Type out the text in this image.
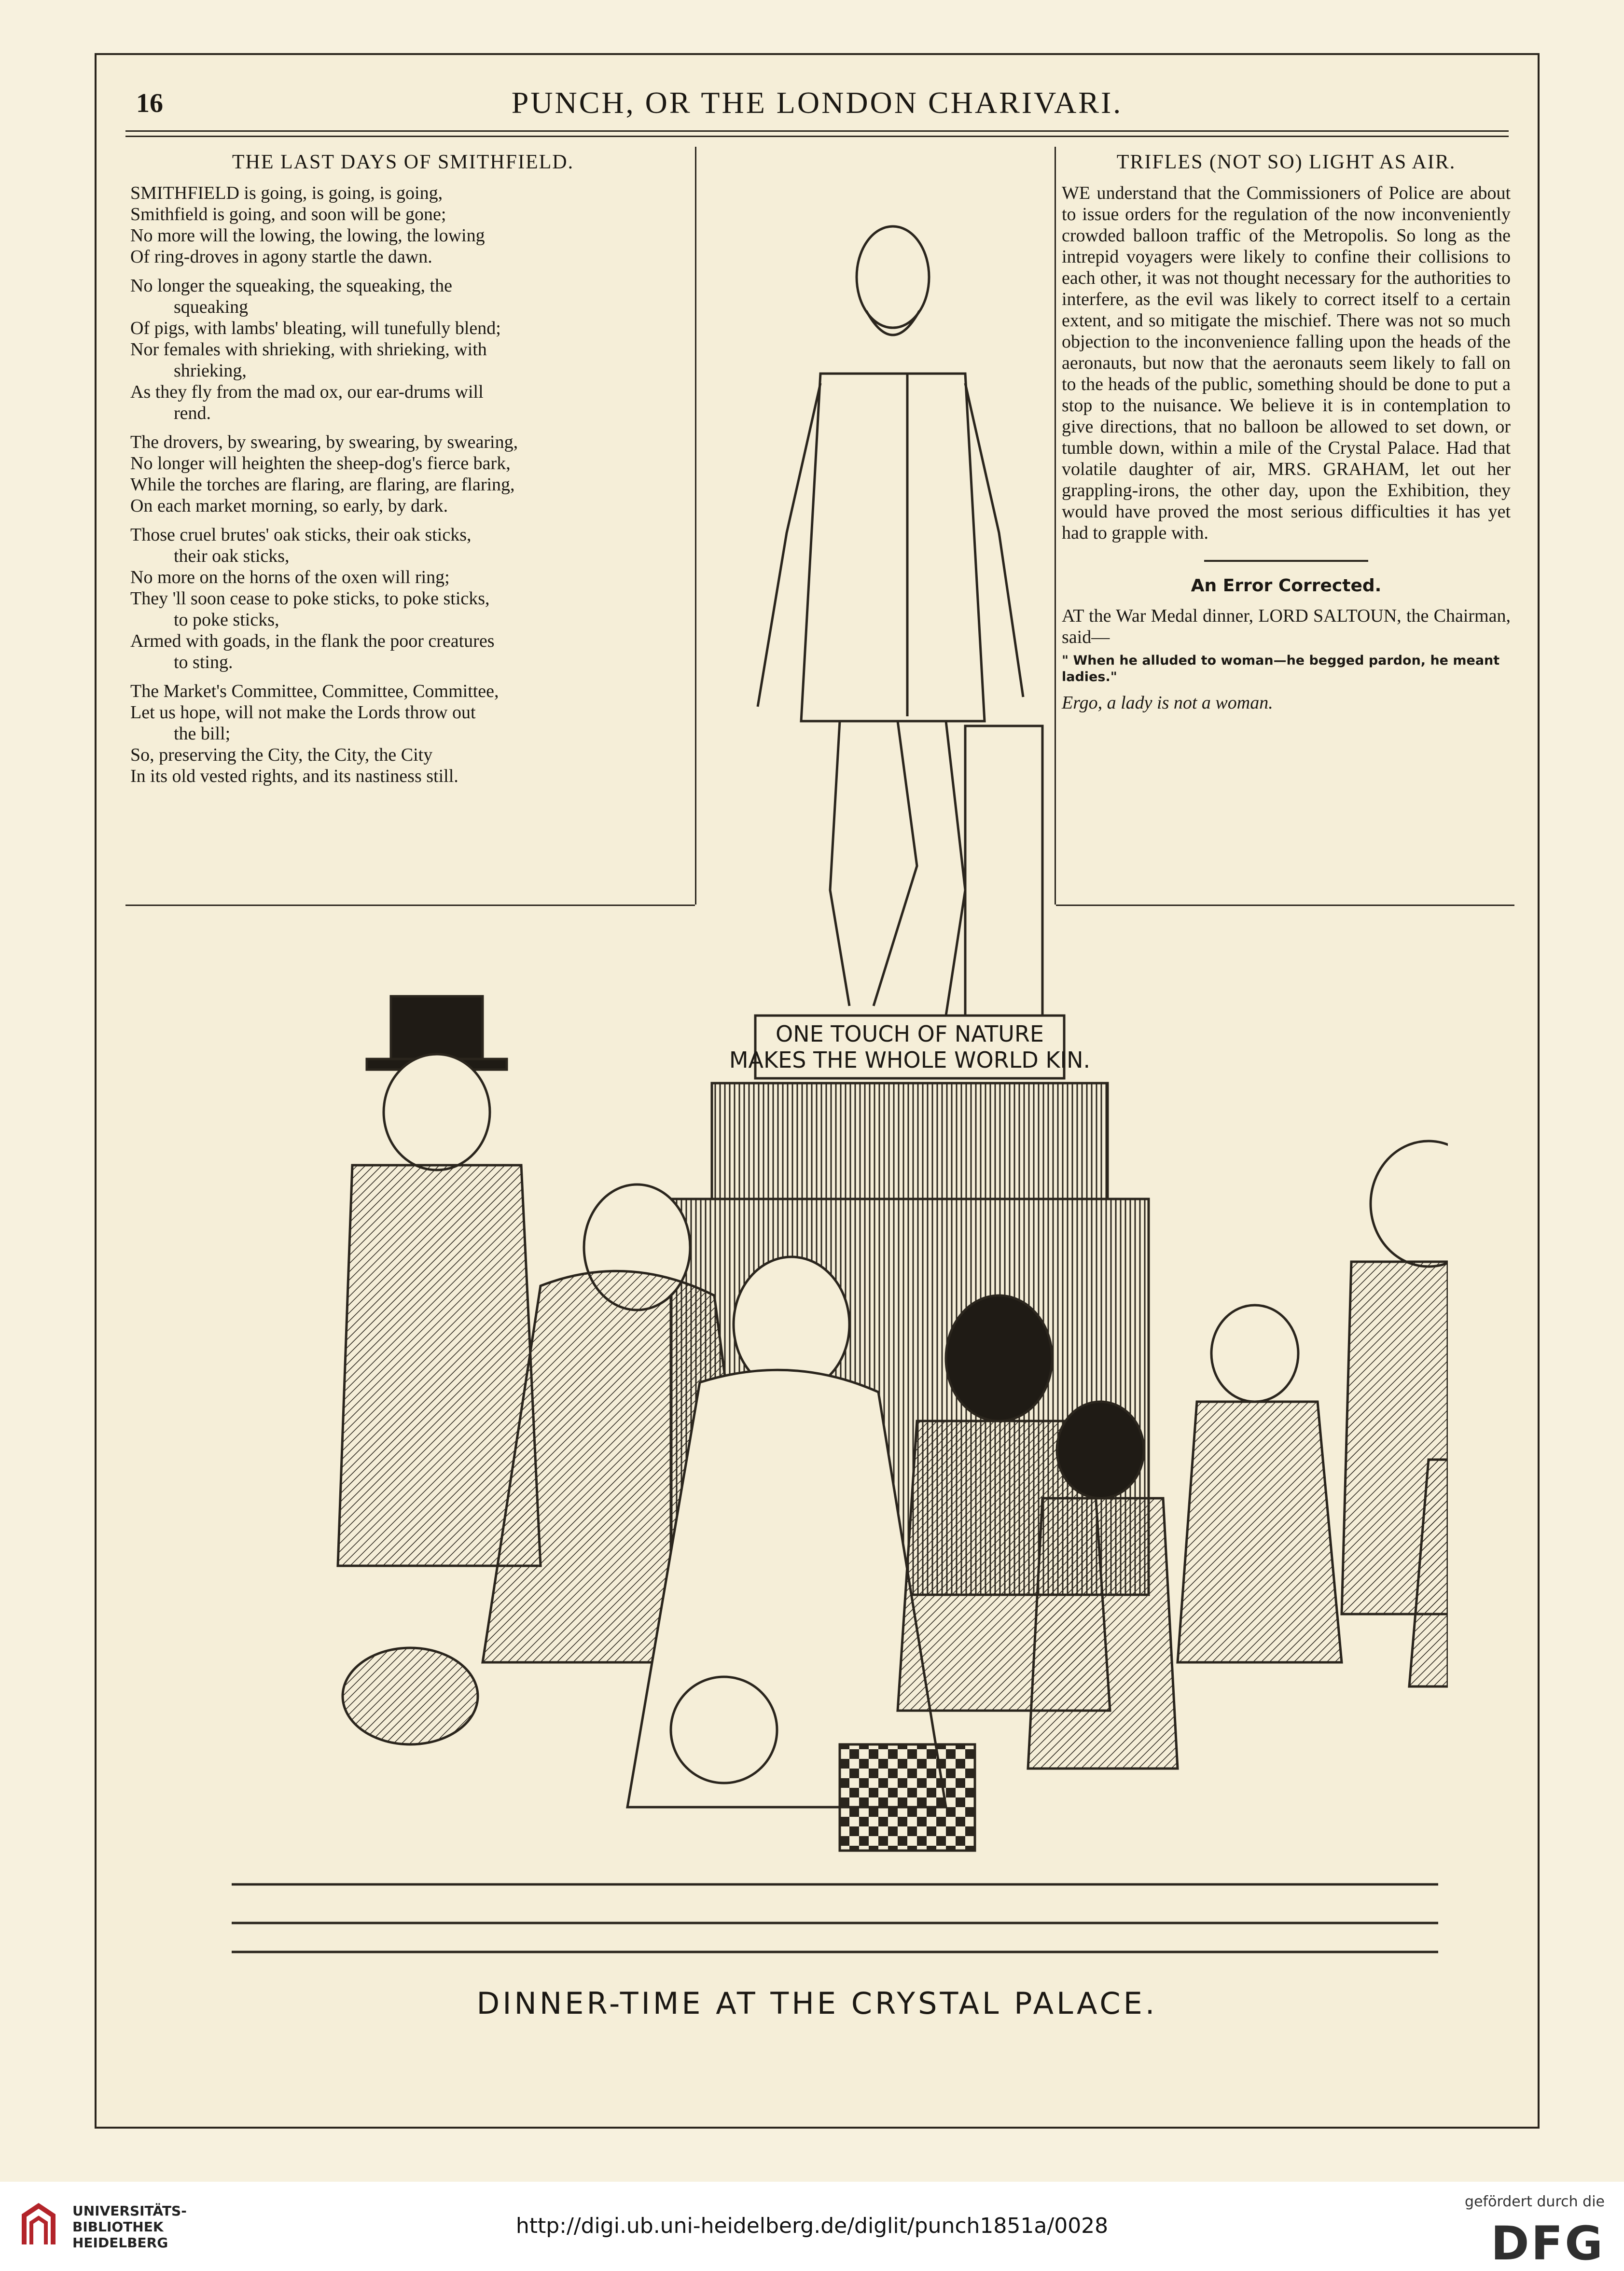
16	PUNCH, OR THE LONDON CHARIVARI.
THE LAST DAYS OF SMITHFIELD.

SMITHFIELD is going, is going, is going,
Smithfield is going, and soon will be gone;
No more will the lowing, the lowing, the lowing
Of ring-droves in agony startle the dawn.

No longer the squeaking, the squeaking, the
squeaking
Of pigs, with lambs' bleating, will tunefully blend;
Nor females with shrieking, with shrieking, with
shrieking,
As they fly from the mad ox, our ear-drums will
rend.

The drovers, by swearing, by swearing, by swearing,
No longer will heighten the sheep-dog's fierce bark,
While the torches are flaring, are flaring, are flaring,
On each market morning, so early, by dark.

Those cruel brutes' oak sticks, their oak sticks,
their oak sticks,
No more on the horns of the oxen will ring;
They 'll soon cease to poke sticks, to poke sticks,
to poke sticks,
Armed with goads, in the flank the poor creatures
to sting.

The Market's Committee, Committee, Committee,
Let us hope, will not make the Lords throw out
the bill;
So, preserving the City, the City, the City
In its old vested rights, and its nastiness still.

TRIFLES (NOT SO) LIGHT AS AIR.

WE understand that the Commissioners of Police are about to issue orders for the regulation of the now inconveniently crowded balloon traffic of the Metropolis. So long as the intrepid voyagers were likely to confine their collisions to each other, it was not thought necessary for the authorities to interfere, as the evil was likely to correct itself to a certain extent, and so mitigate the mischief. There was not so much objection to the inconvenience falling upon the heads of the aeronauts, but now that the aeronauts seem likely to fall on to the heads of the public, something should be done to put a stop to the nuisance. We believe it is in contemplation to give directions, that no balloon be allowed to set down, or tumble down, within a mile of the Crystal Palace. Had that volatile daughter of air, MRS. GRAHAM, let out her grappling-irons, the other day, upon the Exhibition, they would have proved the most serious difficulties it has yet had to grapple with.

An Error Corrected.

AT the War Medal dinner, LORD SALTOUN, the Chairman, said—

" When he alluded to woman—he begged pardon, he meant ladies."

Ergo, a lady is not a woman.

ONE TOUCH OF NATURE
MAKES THE WHOLE WORLD KIN.
DINNER-TIME AT THE CRYSTAL PALACE.
UNIVERSITÄTS-
BIBLIOTHEK
HEIDELBERG
http://digi.ub.uni-heidelberg.de/diglit/punch1851a/0028
gefördert durch die
DFG
